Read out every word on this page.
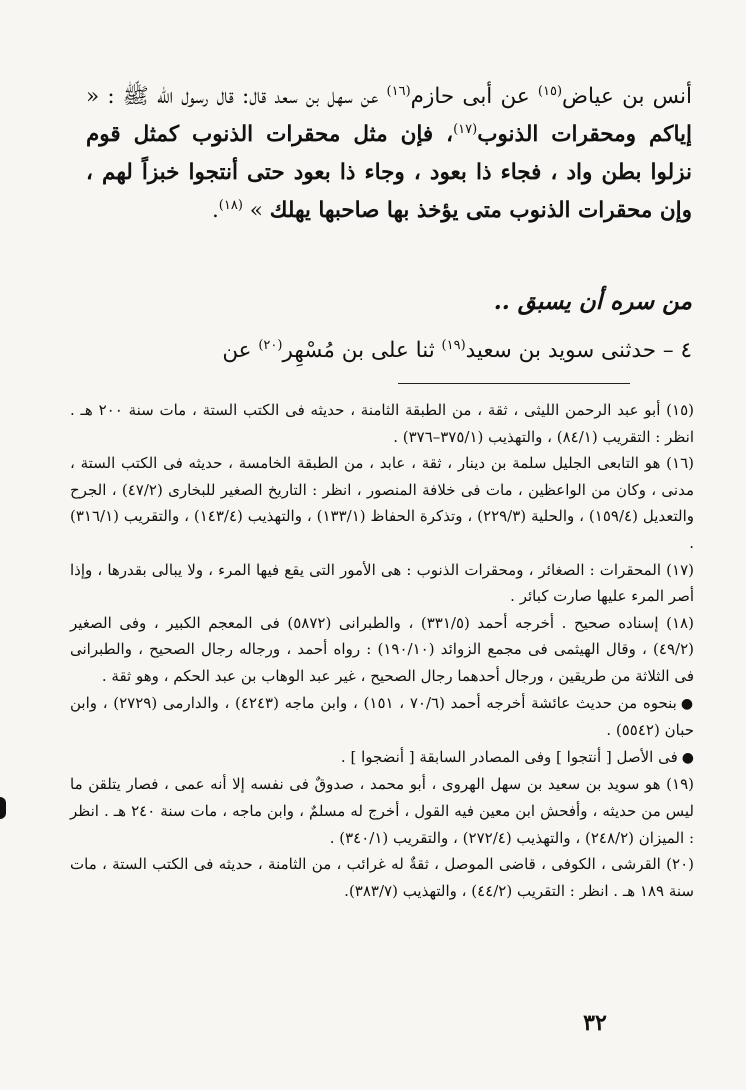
أنس بن عياض$^{(١٥)}$ عن أبى حازم$^{(١٦)}$ عن سهل بن سعد قال: قال رسول الله ﷺ : « إياكم ومحقرات الذنوب$^{(١٧)}$، فإن مثل محقرات الذنوب كمثل قوم نزلوا بطن واد ، فجاء ذا بعود ، وجاء ذا بعود حتى أنتجوا خبزاً لهم ، وإن محقرات الذنوب متى يؤخذ بها صاحبها يهلك » $^{(١٨)}$.

من سره أن يسبق ..
٤ – حدثنى سويد بن سعيد$^{(١٩)}$ ثنا على بن مُسْهِر$^{(٢٠)}$ عن

(١٥) أبو عبد الرحمن الليثى ، ثقة ، من الطبقة الثامنة ، حديثه فى الكتب الستة ، مات سنة ٢٠٠ هـ . انظر : التقريب (٨٤/١) ، والتهذيب (٣٧٥/١–٣٧٦) .

(١٦) هو التابعى الجليل سلمة بن دينار ، ثقة ، عابد ، من الطبقة الخامسة ، حديثه فى الكتب الستة ، مدنى ، وكان من الواعظين ، مات فى خلافة المنصور ، انظر : التاريخ الصغير للبخارى (٤٧/٢) ، الجرح والتعديل (١٥٩/٤) ، والحلية (٢٢٩/٣) ، وتذكرة الحفاظ (١٣٣/١) ، والتهذيب (١٤٣/٤) ، والتقريب (٣١٦/١) .

(١٧) المحقرات : الصغائر ، ومحقرات الذنوب : هى الأمور التى يقع فيها المرء ، ولا يبالى بقدرها ، وإذا أصر المرء عليها صارت كبائر .

(١٨) إسناده صحيح . أخرجه أحمد (٣٣١/٥) ، والطبرانى (٥٨٧٢) فى المعجم الكبير ، وفى الصغير (٤٩/٢) ، وقال الهيثمى فى مجمع الزوائد (١٩٠/١٠) : رواه أحمد ، ورجاله رجال الصحيح ، والطبرانى فى الثلاثة من طريقين ، ورجال أحدهما رجال الصحيح ، غير عبد الوهاب بن عبد الحكم ، وهو ثقة .

●بنحوه من حديث عائشة أخرجه أحمد (٧٠/٦ ، ١٥١) ، وابن ماجه (٤٢٤٣) ، والدارمى (٢٧٢٩) ، وابن حبان (٥٥٤٢) .

●فى الأصل [ أنتجوا ] وفى المصادر السابقة [ أنضجوا ] .

(١٩) هو سويد بن سعيد بن سهل الهروى ، أبو محمد ، صدوقٌ فى نفسه إلا أنه عمى ، فصار يتلقن ما ليس من حديثه ، وأفحش ابن معين فيه القول ، أخرج له مسلمٌ ، وابن ماجه ، مات سنة ٢٤٠ هـ . انظر : الميزان (٢٤٨/٢) ، والتهذيب (٢٧٢/٤) ، والتقريب (٣٤٠/١) .

(٢٠) القرشى ، الكوفى ، قاضى الموصل ، ثقةٌ له غرائب ، من الثامنة ، حديثه فى الكتب الستة ، مات سنة ١٨٩ هـ . انظر : التقريب (٤٤/٢) ، والتهذيب (٣٨٣/٧).

٣٢
